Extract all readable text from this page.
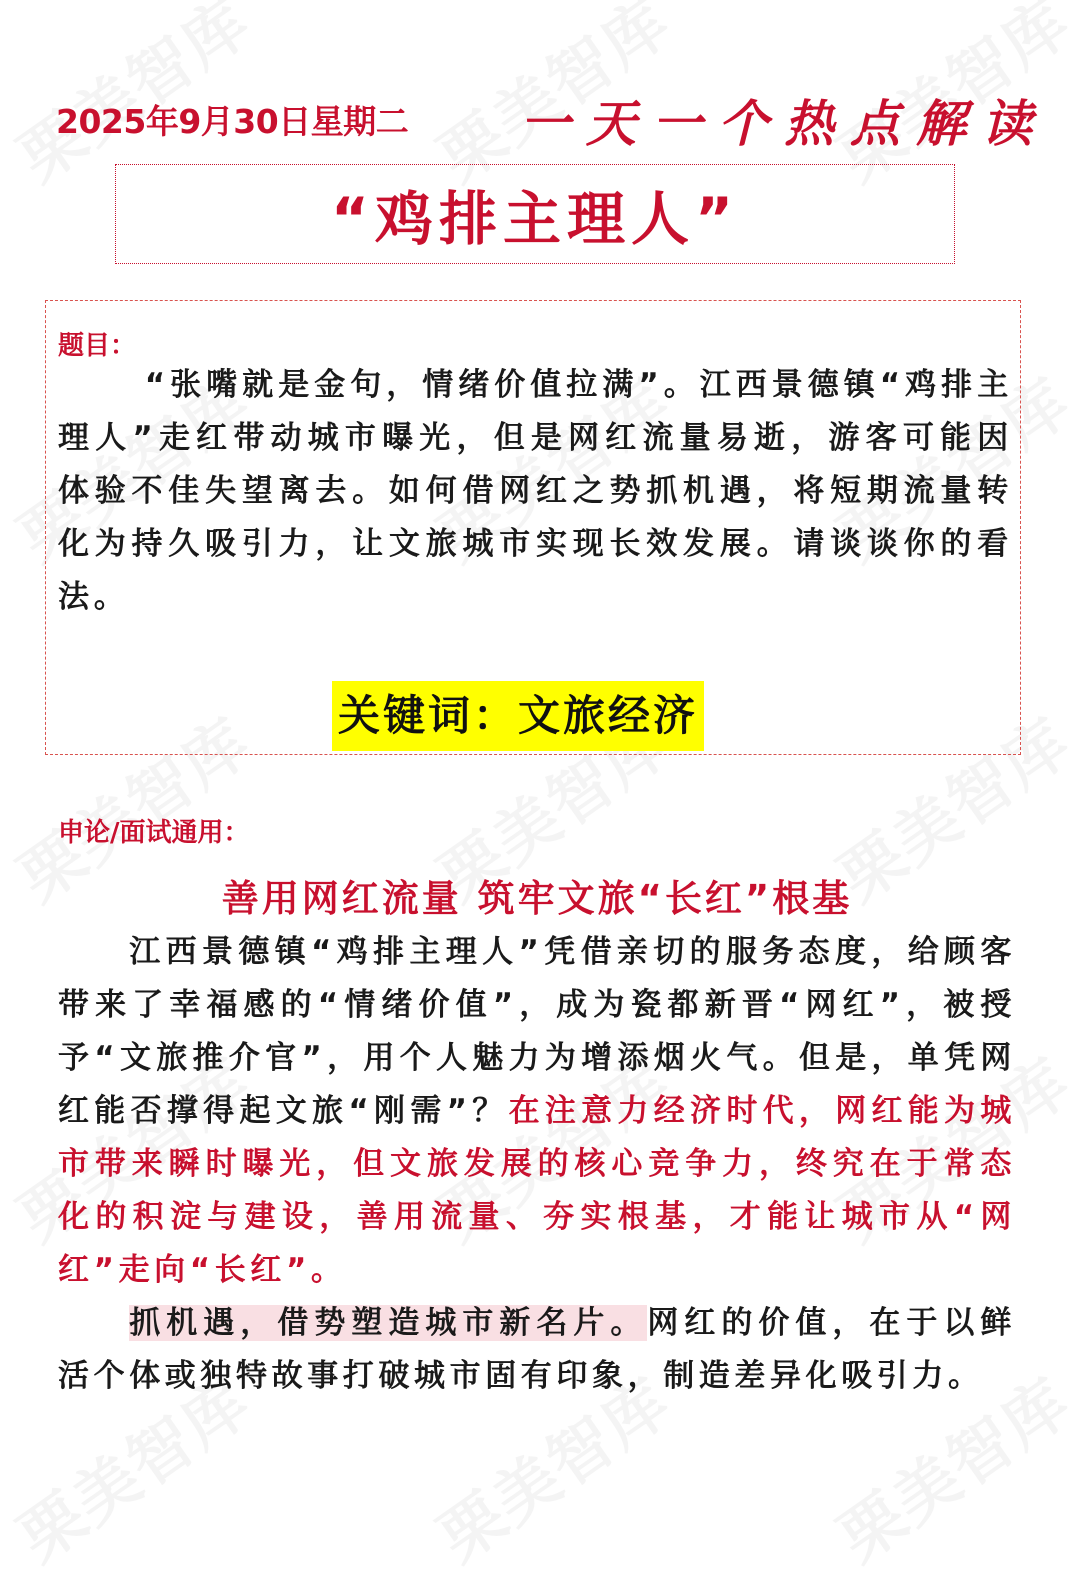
2025年9月30日星期二 一天一个热点解读
“鸡排主理人”
题目：

“张嘴就是金句，情绪价值拉满”。江西景德镇“鸡排主理人”走红带动城市曝光，但是网红流量易逝，游客可能因体验不佳失望离去。如何借网红之势抓机遇，将短期流量转化为持久吸引力，让文旅城市实现长效发展。请谈谈你的看法。

关键词：文旅经济
申论/面试通用：
善用网红流量 筑牢文旅“长红”根基

江西景德镇“鸡排主理人”凭借亲切的服务态度，给顾客带来了幸福感的“情绪价值”，成为瓷都新晋“网红”，被授予“文旅推介官”，用个人魅力为增添烟火气。但是，单凭网红能否撑得起文旅“刚需”？在注意力经济时代，网红能为城市带来瞬时曝光，但文旅发展的核心竞争力，终究在于常态化的积淀与建设，善用流量、夯实根基，才能让城市从“网红”走向“长红”。

抓机遇，借势塑造城市新名片。网红的价值，在于以鲜活个体或独特故事打破城市固有印象，制造差异化吸引力。
